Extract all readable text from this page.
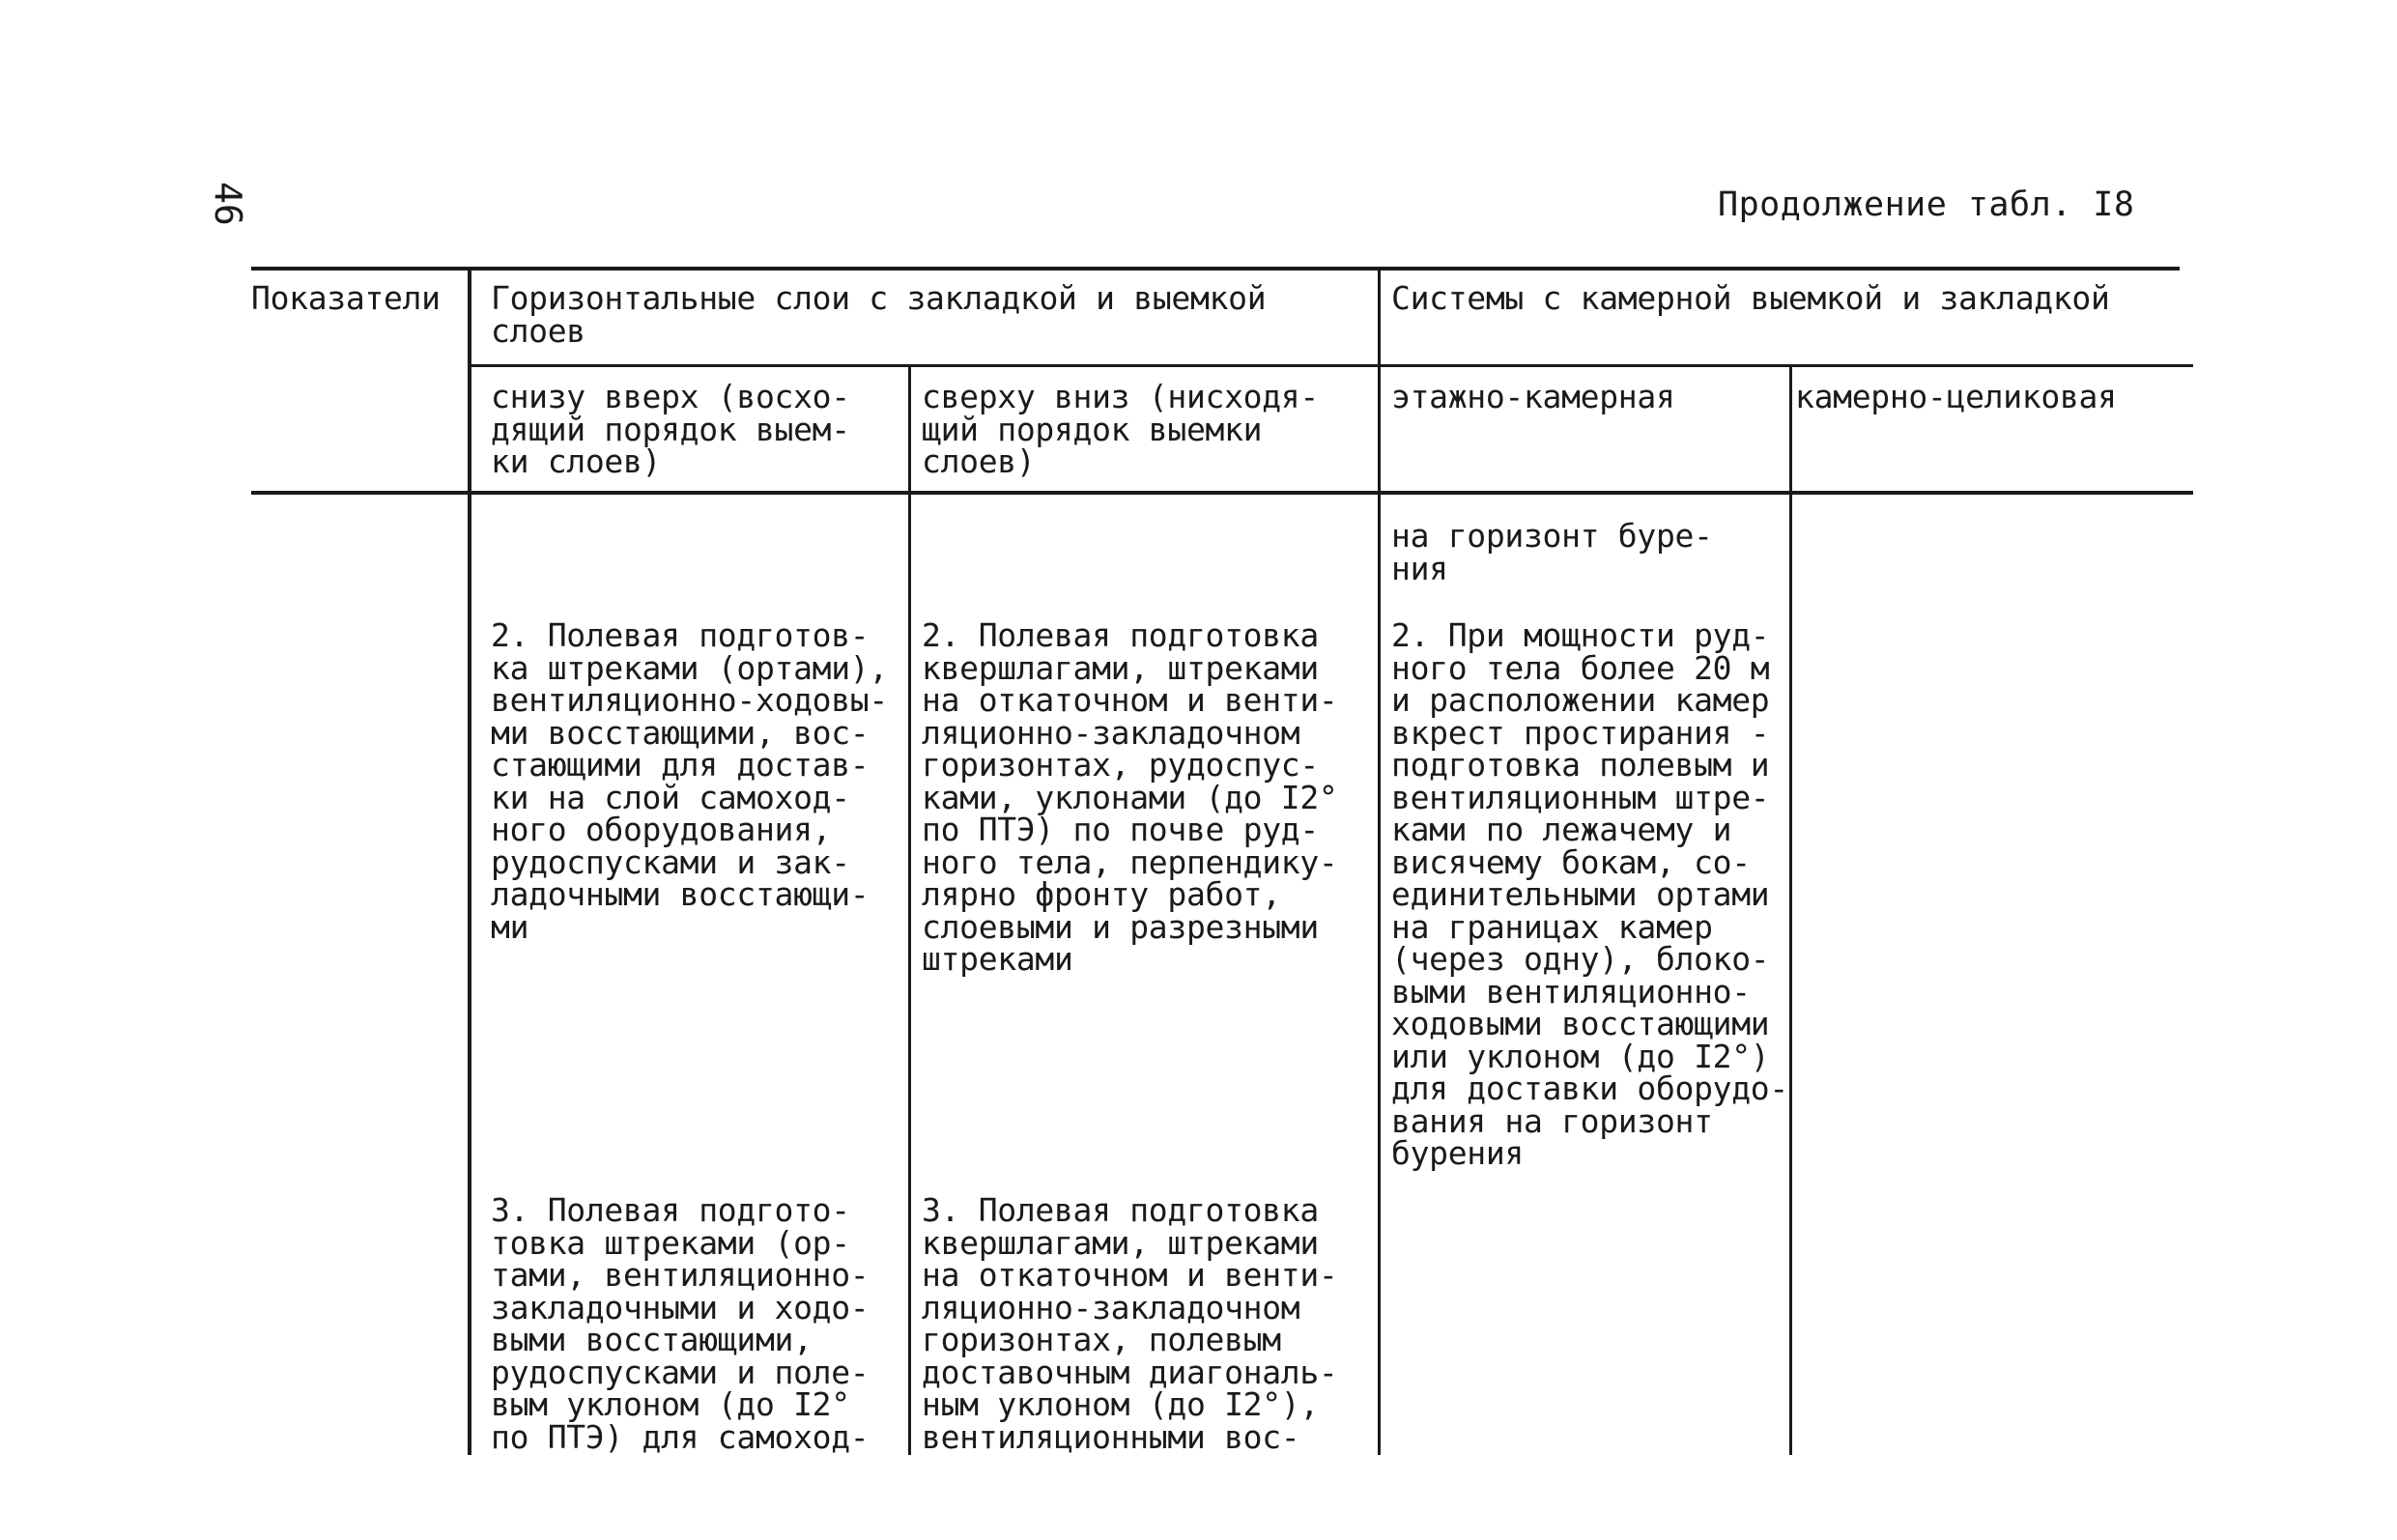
46	Продолжение табл. I8
Показатели Горизонтальные слои с закладкой и выемкой
слоев
Системы с камерной выемкой и закладкой
снизу вверх (восхо-
дящий порядок выем-
ки слоев)
сверху вниз (нисходя-
щий порядок выемки
слоев)
этажно-камерная	камерно-целиковая
на горизонт буре-
ния
2. Полевая подготов-
ка штреками (ортами),
вентиляционно-ходовы-
ми восстающими, вос-
стающими для достав-
ки на слой самоход-
ного оборудования,
рудоспусками и зак-
ладочными восстающи-
ми
2. Полевая подготовка
квершлагами, штреками
на откаточном и венти-
ляционно-закладочном
горизонтах, рудоспус-
ками, уклонами (до I2°
по ПТЭ) по почве руд-
ного тела, перпендику-
лярно фронту работ,
слоевыми и разрезными
штреками
2. При мощности руд-
ного тела более 20 м
и расположении камер
вкрест простирания -
подготовка полевым и
вентиляционным штре-
ками по лежачему и
висячему бокам, со-
единительными ортами
на границах камер
(через одну), блоко-
выми вентиляционно-
ходовыми восстающими
или уклоном (до I2°)
для доставки оборудо-
вания на горизонт
бурения
3. Полевая подгото-
товка штреками (ор-
тами, вентиляционно-
закладочными и ходо-
выми восстающими,
рудоспусками и поле-
вым уклоном (до I2°
по ПТЭ) для самоход-
3. Полевая подготовка
квершлагами, штреками
на откаточном и венти-
ляционно-закладочном
горизонтах, полевым
доставочным диагональ-
ным уклоном (до I2°),
вентиляционными вос-
